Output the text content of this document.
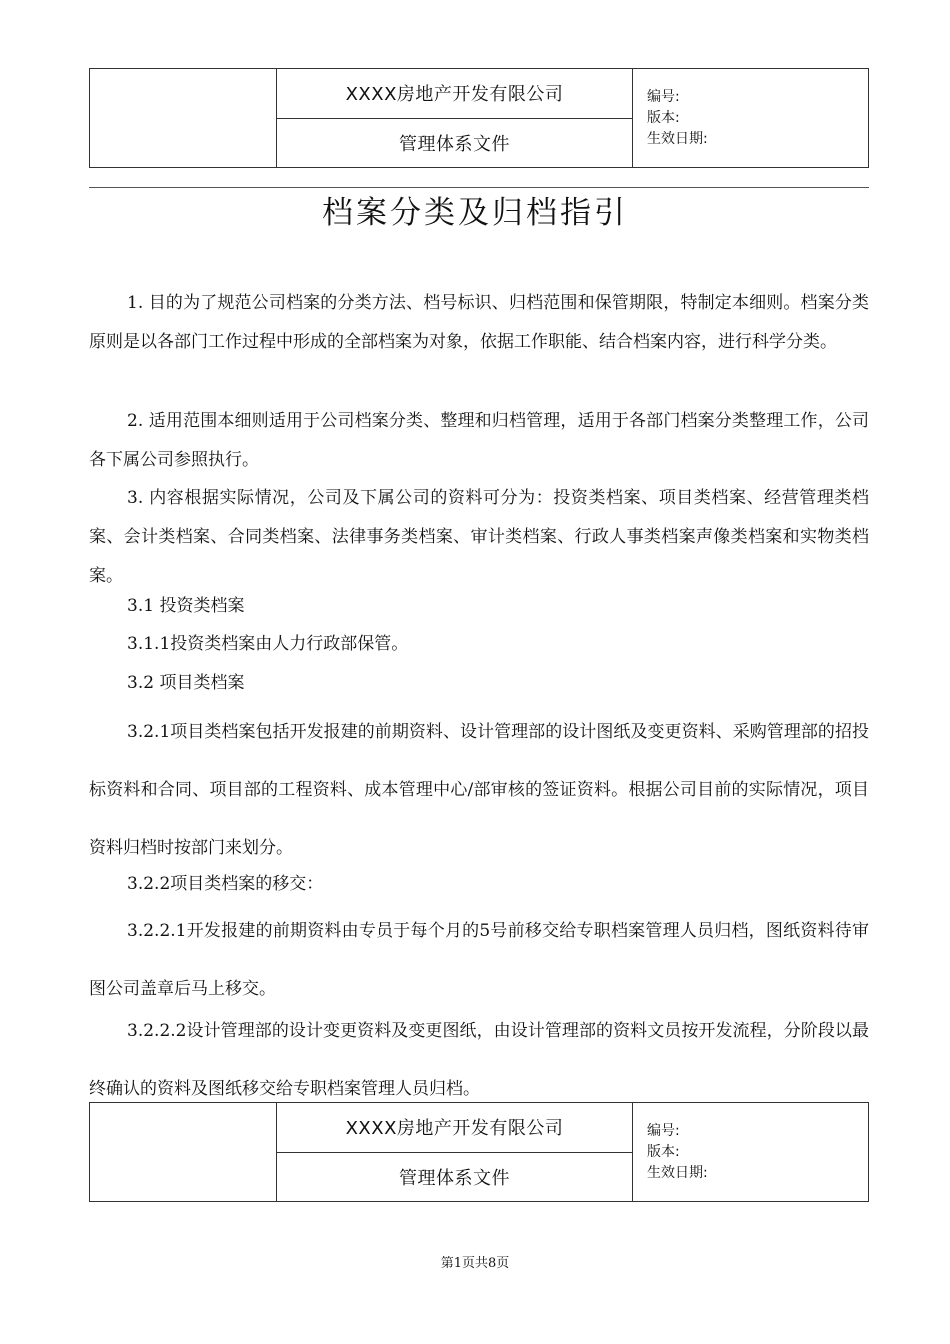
XXXX房地产开发有限公司
管理体系文件
编号:
版本:
生效日期:
档案分类及归档指引

1. 目的为了规范公司档案的分类方法、档号标识、归档范围和保管期限，特制定本细则。档案分类原则是以各部门工作过程中形成的全部档案为对象，依据工作职能、结合档案内容，进行科学分类。

2. 适用范围本细则适用于公司档案分类、整理和归档管理，适用于各部门档案分类整理工作，公司各下属公司参照执行。

3. 内容根据实际情况，公司及下属公司的资料可分为：投资类档案、项目类档案、经营管理类档案、会计类档案、合同类档案、法律事务类档案、审计类档案、行政人事类档案声像类档案和实物类档案。

3.1 投资类档案

3.1.1投资类档案由人力行政部保管。

3.2 项目类档案

3.2.1项目类档案包括开发报建的前期资料、设计管理部的设计图纸及变更资料、采购管理部的招投标资料和合同、项目部的工程资料、成本管理中心/部审核的签证资料。根据公司目前的实际情况，项目资料归档时按部门来划分。

3.2.2项目类档案的移交：

3.2.2.1开发报建的前期资料由专员于每个月的5号前移交给专职档案管理人员归档，图纸资料待审图公司盖章后马上移交。

3.2.2.2设计管理部的设计变更资料及变更图纸，由设计管理部的资料文员按开发流程，分阶段以最终确认的资料及图纸移交给专职档案管理人员归档。

XXXX房地产开发有限公司
管理体系文件
编号:
版本:
生效日期:
第1页共8页
